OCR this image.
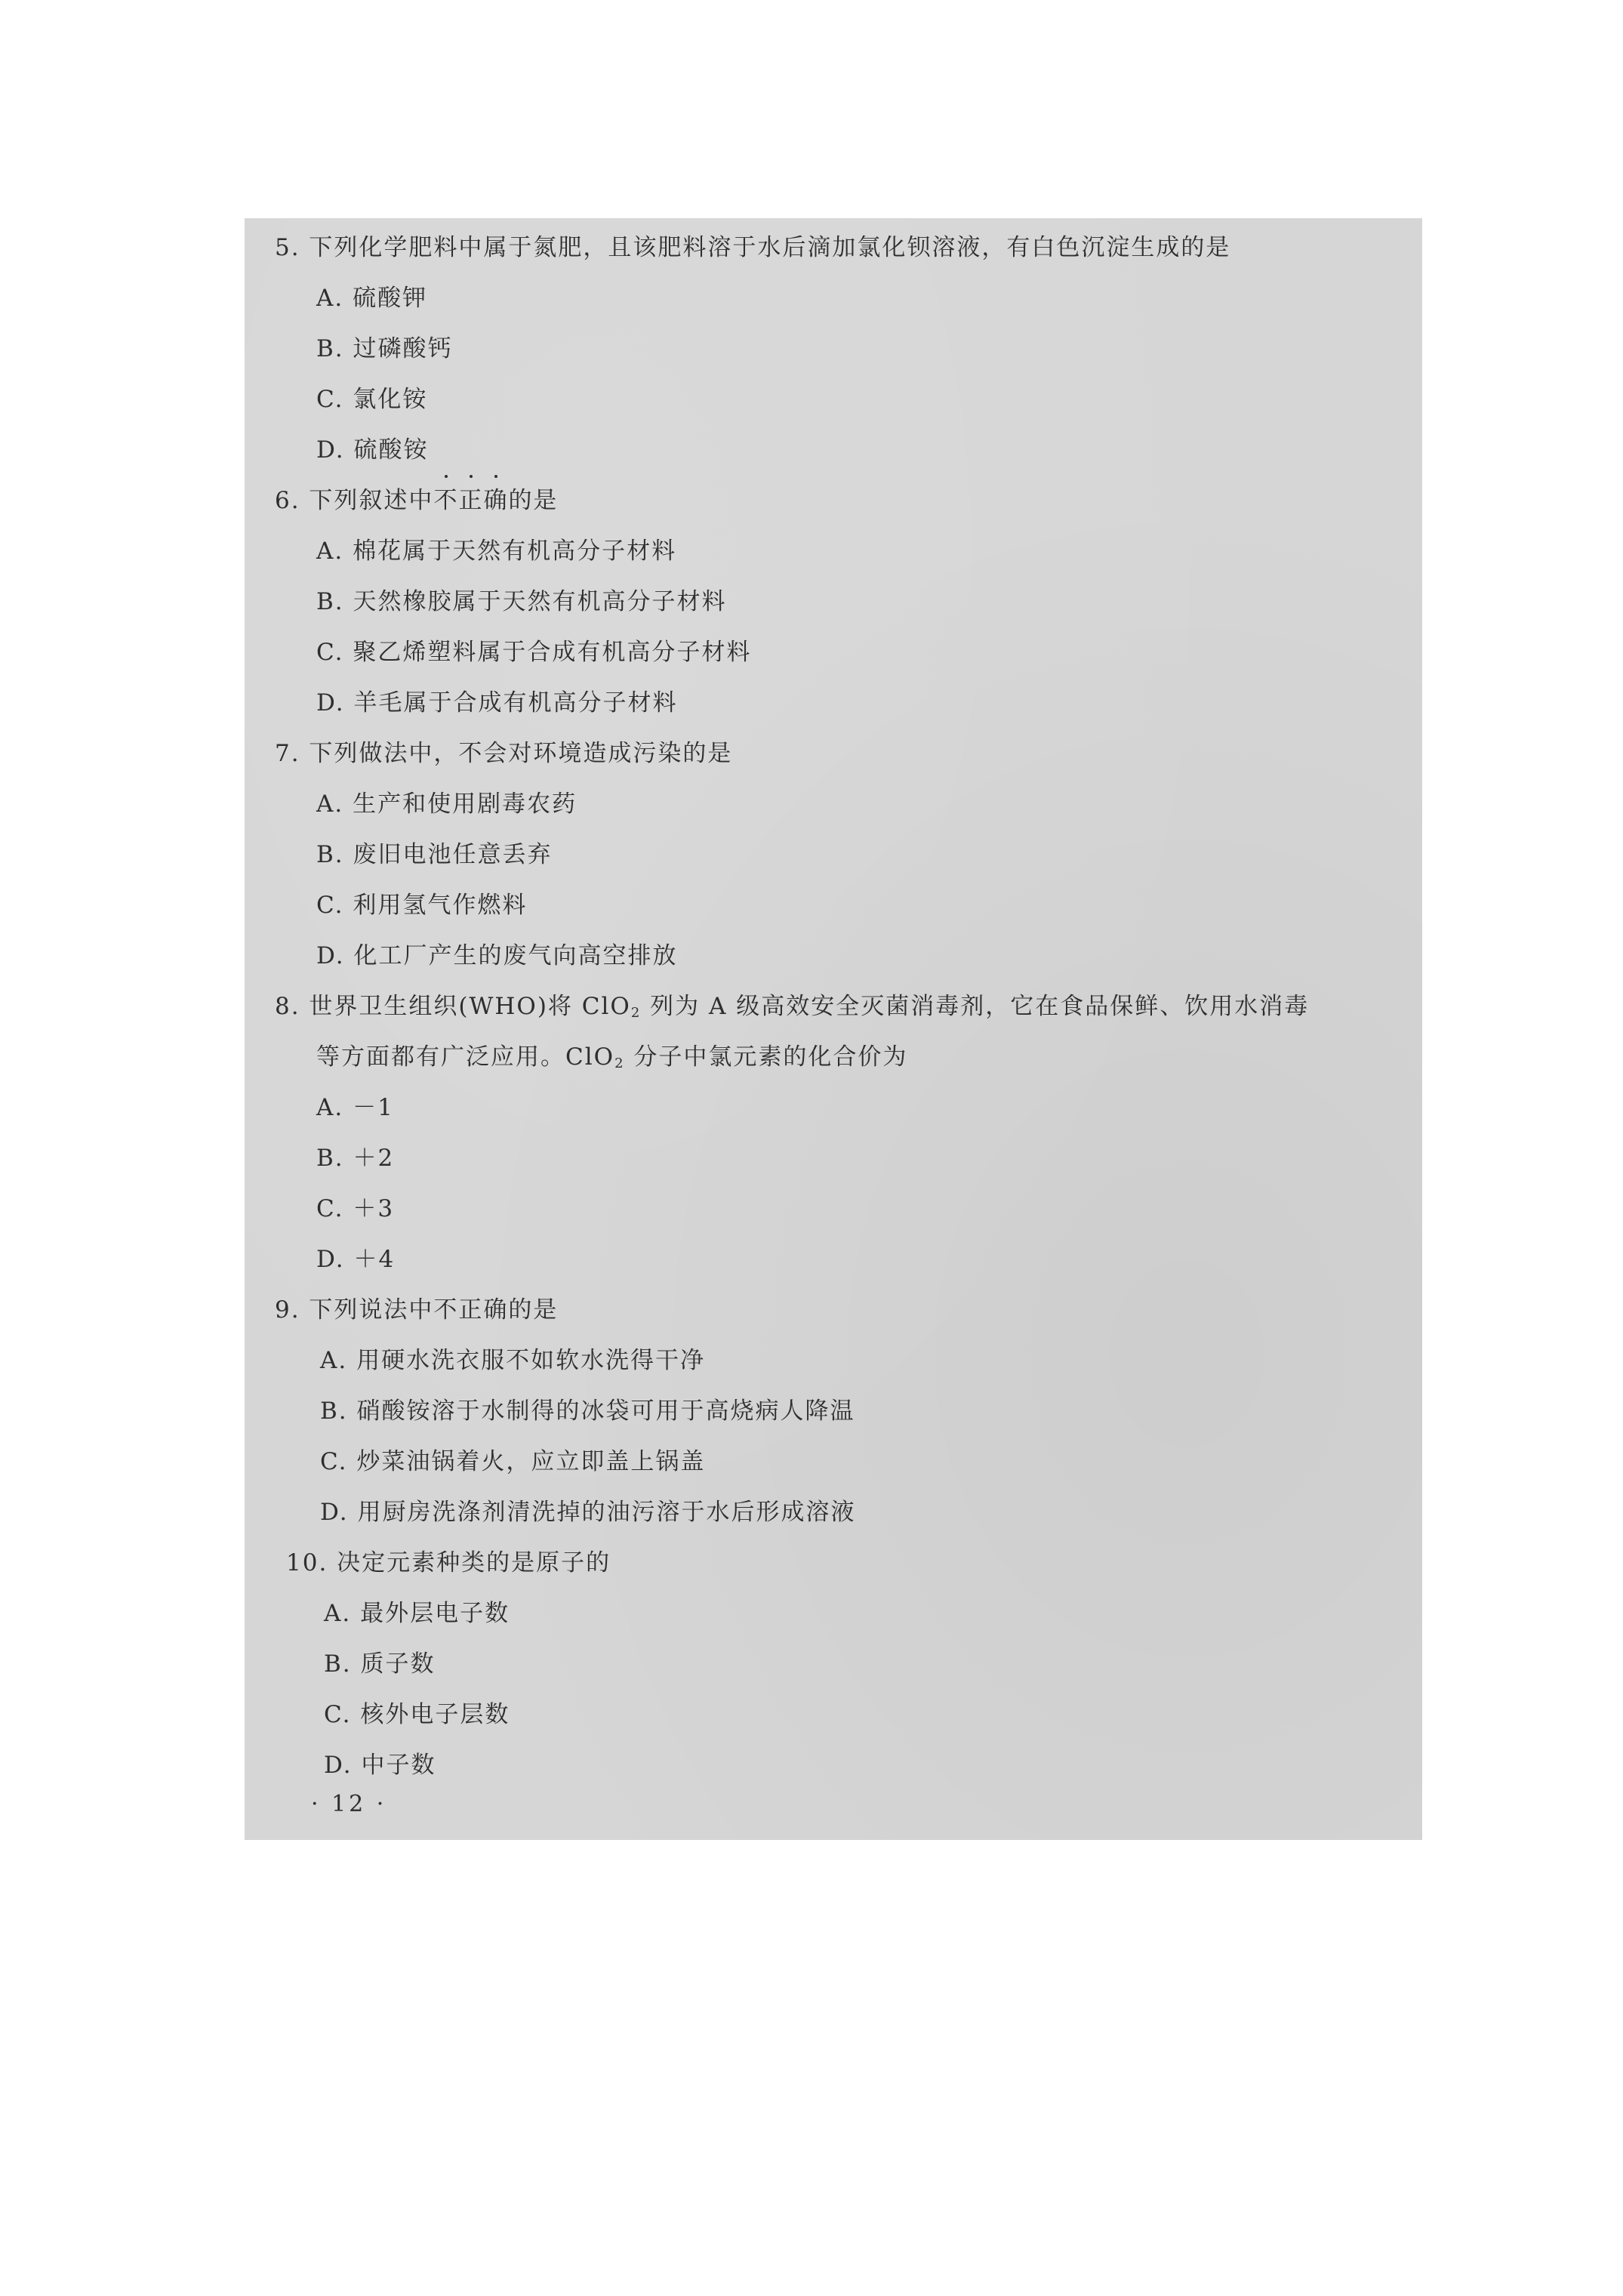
5. 下列化学肥料中属于氮肥，且该肥料溶于水后滴加氯化钡溶液，有白色沉淀生成的是
A. 硫酸钾
B. 过磷酸钙
C. 氯化铵
D. 硫酸铵
6. 下列叙述中不正确的是
A. 棉花属于天然有机高分子材料
B. 天然橡胶属于天然有机高分子材料
C. 聚乙烯塑料属于合成有机高分子材料
D. 羊毛属于合成有机高分子材料
7. 下列做法中，不会对环境造成污染的是
A. 生产和使用剧毒农药
B. 废旧电池任意丢弃
C. 利用氢气作燃料
D. 化工厂产生的废气向高空排放
8. 世界卫生组织(WHO)将 ClO$_2$ 列为 A 级高效安全灭菌消毒剂，它在食品保鲜、饮用水消毒
等方面都有广泛应用。ClO$_2$ 分子中氯元素的化合价为
A. －1
B. ＋2
C. ＋3
D. ＋4
9. 下列说法中不正确的是
A. 用硬水洗衣服不如软水洗得干净
B. 硝酸铵溶于水制得的冰袋可用于高烧病人降温
C. 炒菜油锅着火，应立即盖上锅盖
D. 用厨房洗涤剂清洗掉的油污溶于水后形成溶液
10. 决定元素种类的是原子的
A. 最外层电子数
B. 质子数
C. 核外电子层数
D. 中子数
· 12 ·
